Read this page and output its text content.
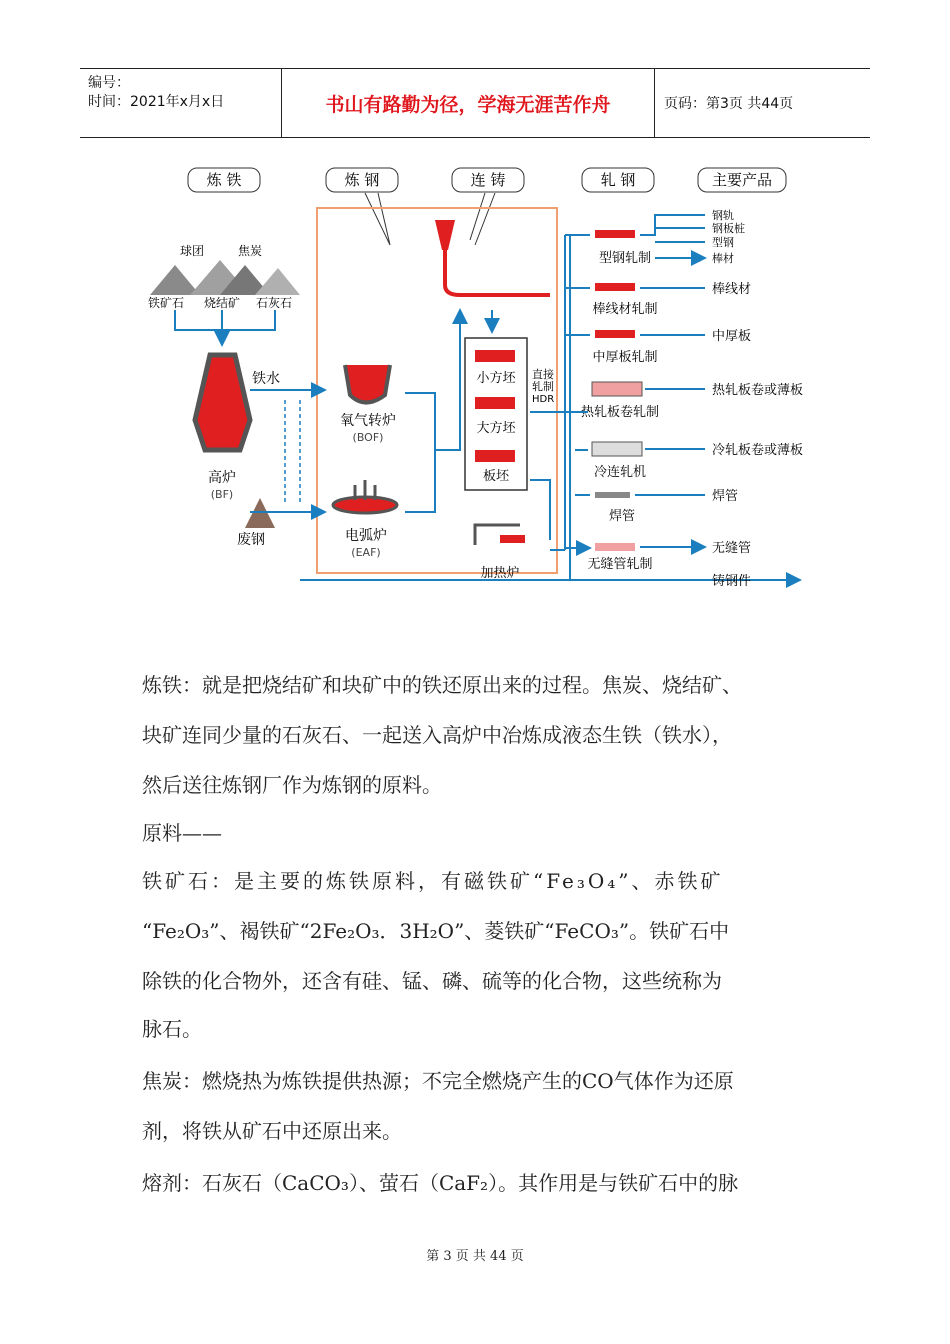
编号：
时间：2021年x月x日	书山有路勤为径，学海无涯苦作舟	页码：第3页 共44页
炼 铁	炼 钢	连 铸	轧 钢	主要产品
球团	焦炭
铁矿石 烧结矿 石灰石
高炉
(BF)
铁水
废钢
氧气转炉
(BOF)
电弧炉
(EAF)
小方坯
大方坯
板坯
直接
轧制
HDR
加热炉
型钢轧制
棒线材轧制
中厚板轧制
热轧板卷轧制
冷连轧机
焊管
无缝管轧制
钢轨
钢板桩
型钢
棒材
棒线材
中厚板
热轧板卷或薄板
冷轧板卷或薄板
焊管
无缝管
铸钢件
炼铁：就是把烧结矿和块矿中的铁还原出来的过程。焦炭、烧结矿、
块矿连同少量的石灰石、一起送入高炉中冶炼成液态生铁（铁水），
然后送往炼钢厂作为炼钢的原料。
原料——
铁矿石：是主要的炼铁原料，有磁铁矿“Fe₃O₄”、赤铁矿
“Fe₂O₃”、褐铁矿“2Fe₂O₃．3H₂O”、菱铁矿“FeCO₃”。铁矿石中
除铁的化合物外，还含有硅、锰、磷、硫等的化合物，这些统称为
脉石。
焦炭：燃烧热为炼铁提供热源；不完全燃烧产生的CO气体作为还原
剂，将铁从矿石中还原出来。
熔剂：石灰石（CaCO₃）、萤石（CaF₂）。其作用是与铁矿石中的脉
第 3 页 共 44 页
